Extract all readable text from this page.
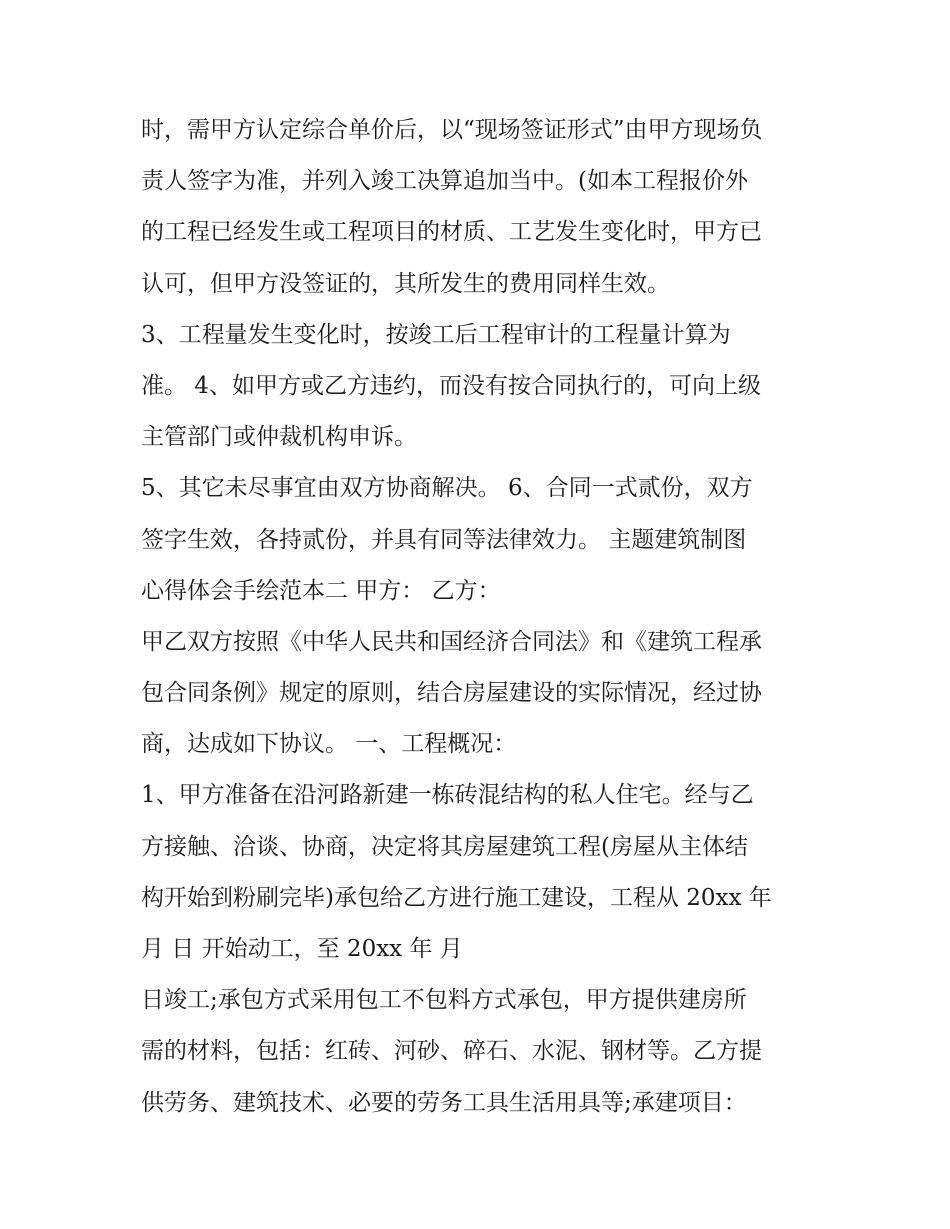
时，需甲方认定综合单价后，以“现场签证形式”由甲方现场负
责人签字为准，并列入竣工决算追加当中。(如本工程报价外
的工程已经发生或工程项目的材质、工艺发生变化时，甲方已
认可，但甲方没签证的，其所发生的费用同样生效。
3、工程量发生变化时，按竣工后工程审计的工程量计算为
准。 4、如甲方或乙方违约，而没有按合同执行的，可向上级
主管部门或仲裁机构申诉。
5、其它未尽事宜由双方协商解决。 6、合同一式贰份，双方
签字生效，各持贰份，并具有同等法律效力。 主题建筑制图
心得体会手绘范本二 甲方： 乙方：
甲乙双方按照《中华人民共和国经济合同法》和《建筑工程承
包合同条例》规定的原则，结合房屋建设的实际情况，经过协
商，达成如下协议。 一、工程概况：
1、甲方准备在沿河路新建一栋砖混结构的私人住宅。经与乙
方接触、洽谈、协商，决定将其房屋建筑工程(房屋从主体结
构开始到粉刷完毕)承包给乙方进行施工建设，工程从 20xx 年
月 日 开始动工，至 20xx 年 月
日竣工;承包方式采用包工不包料方式承包，甲方提供建房所
需的材料，包括：红砖、河砂、碎石、水泥、钢材等。乙方提
供劳务、建筑技术、必要的劳务工具生活用具等;承建项目：
